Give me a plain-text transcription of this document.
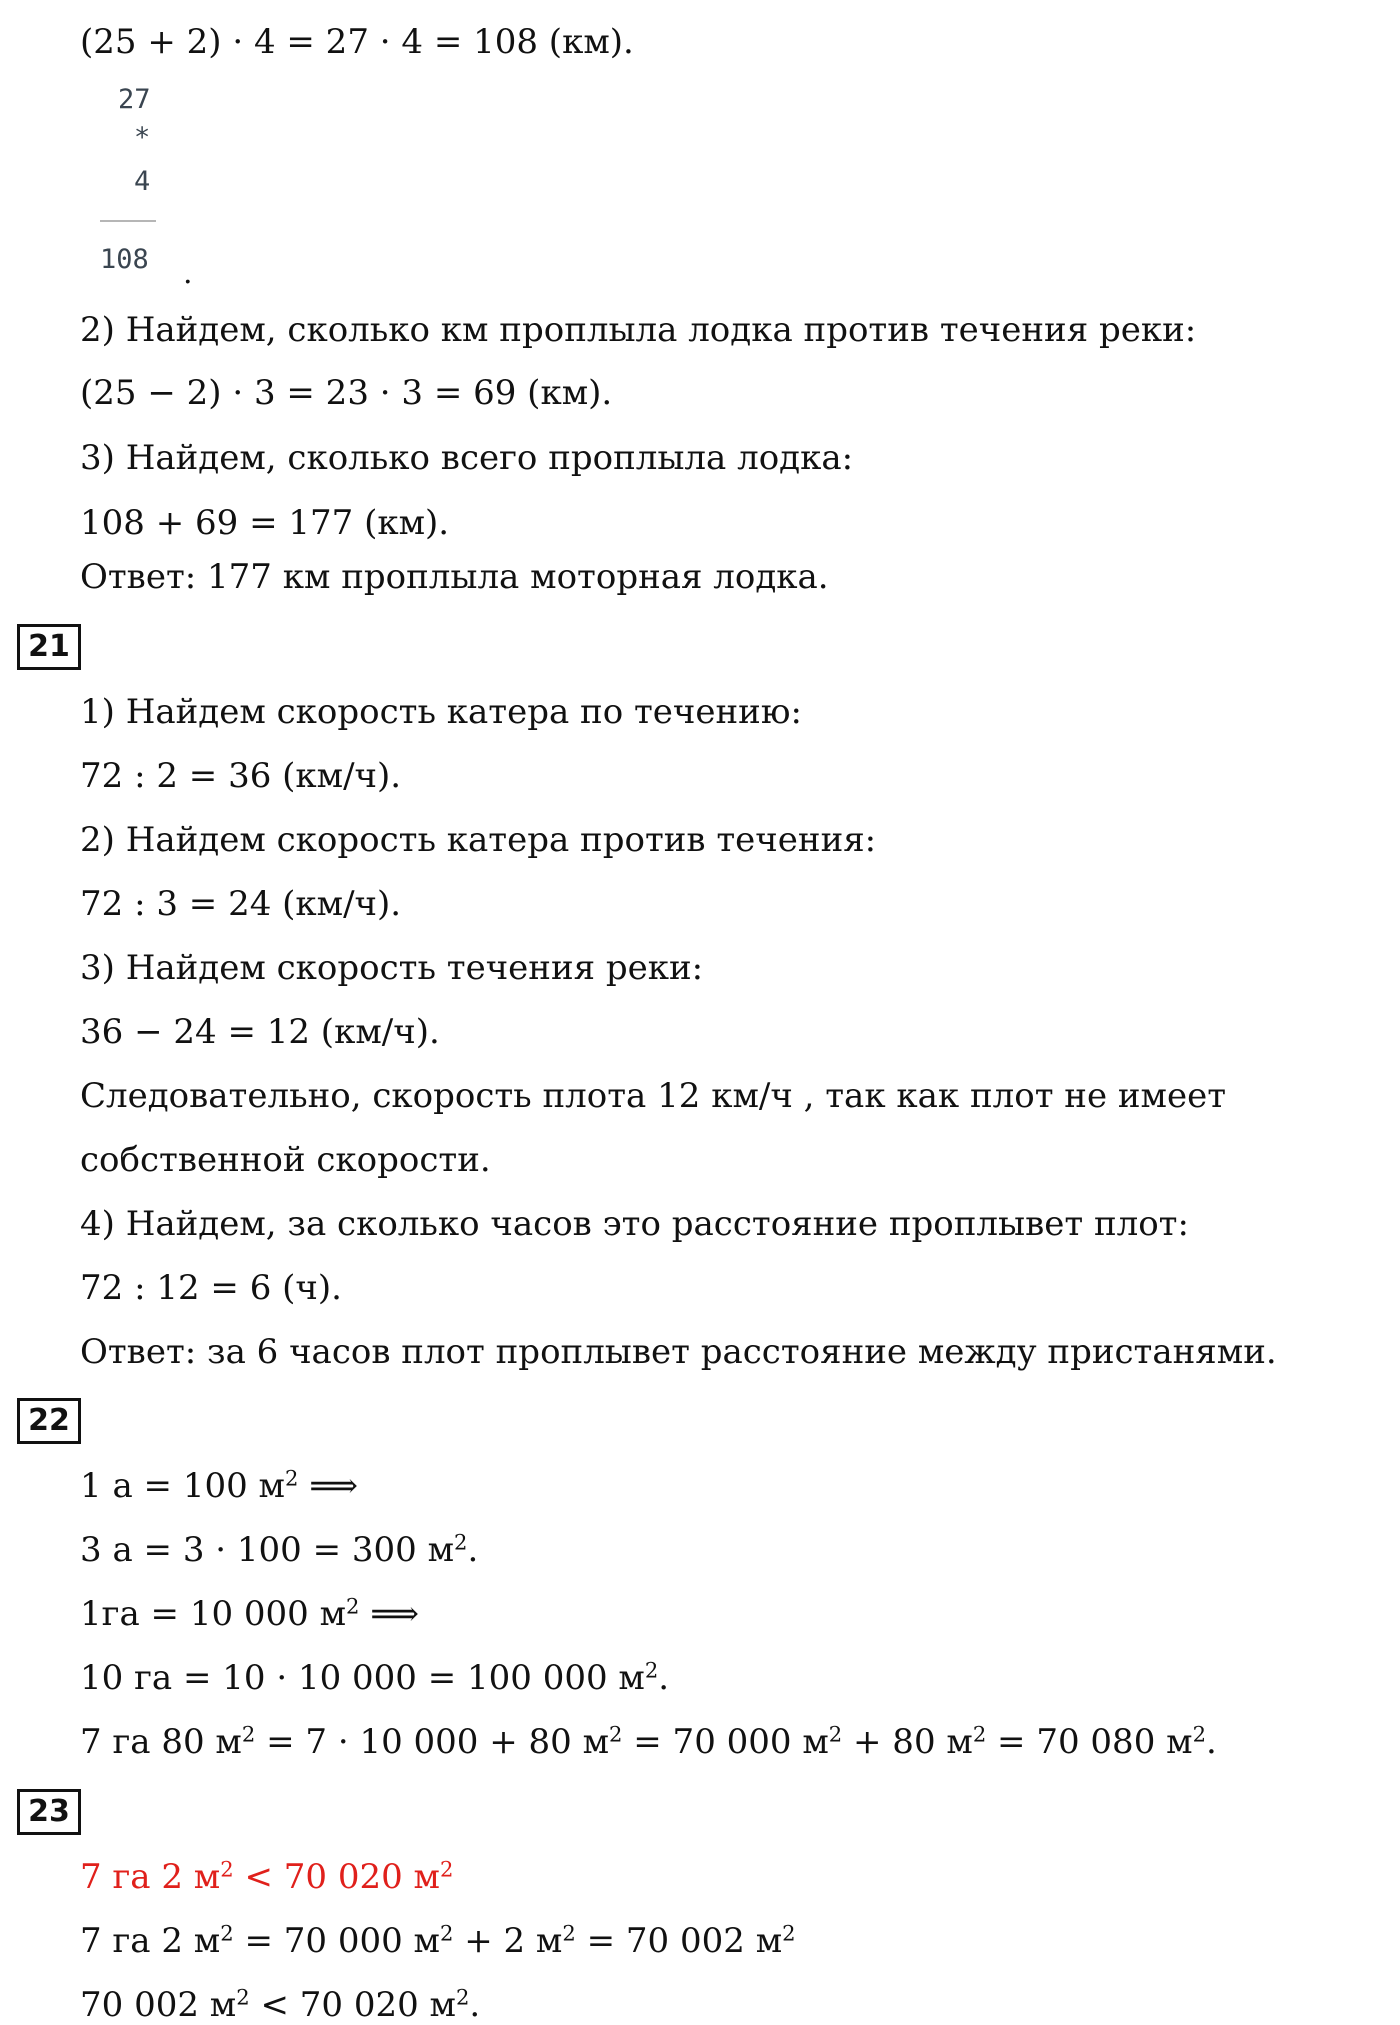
(25 + 2) · 4 = 27 · 4 = 108 (км).
27
*
4
108 .
2) Найдем, сколько км проплыла лодка против течения реки:
(25 − 2) · 3 = 23 · 3 = 69 (км).
3) Найдем, сколько всего проплыла лодка:
108 + 69 = 177 (км).
Ответ: 177 км проплыла моторная лодка.
21
1) Найдем скорость катера по течению:
72 : 2 = 36 (км/ч).
2) Найдем скорость катера против течения:
72 : 3 = 24 (км/ч).
3) Найдем скорость течения реки:
36 − 24 = 12 (км/ч).
Следовательно, скорость плота 12 км/ч , так как плот не имеет
собственной скорости.
4) Найдем, за сколько часов это расстояние проплывет плот:
72 : 12 = 6 (ч).
Ответ: за 6 часов плот проплывет расстояние между пристанями.
22
1 а = 100 $м^2$ ⟹
3 а = 3 · 100 = 300 $м^2$.
1га = 10 000 $м^2$ ⟹
10 га = 10 · 10 000 = 100 000 $м^2$.
7 га 80 $м^2 = 7 \cdot 10$ 000 + 80 $м^2 = 70$ 000 $м^2 + 80$ $м^2 = 70$ 080 $м^2$.
23
7 га 2 $м^2 < 70$ 020 $м^2$
7 га 2 $м^2 = 70$ 000 $м^2 + 2$ $м^2 = 70$ 002 $м^2$
70 002 $м^2 < 70$ 020 $м^2$.
